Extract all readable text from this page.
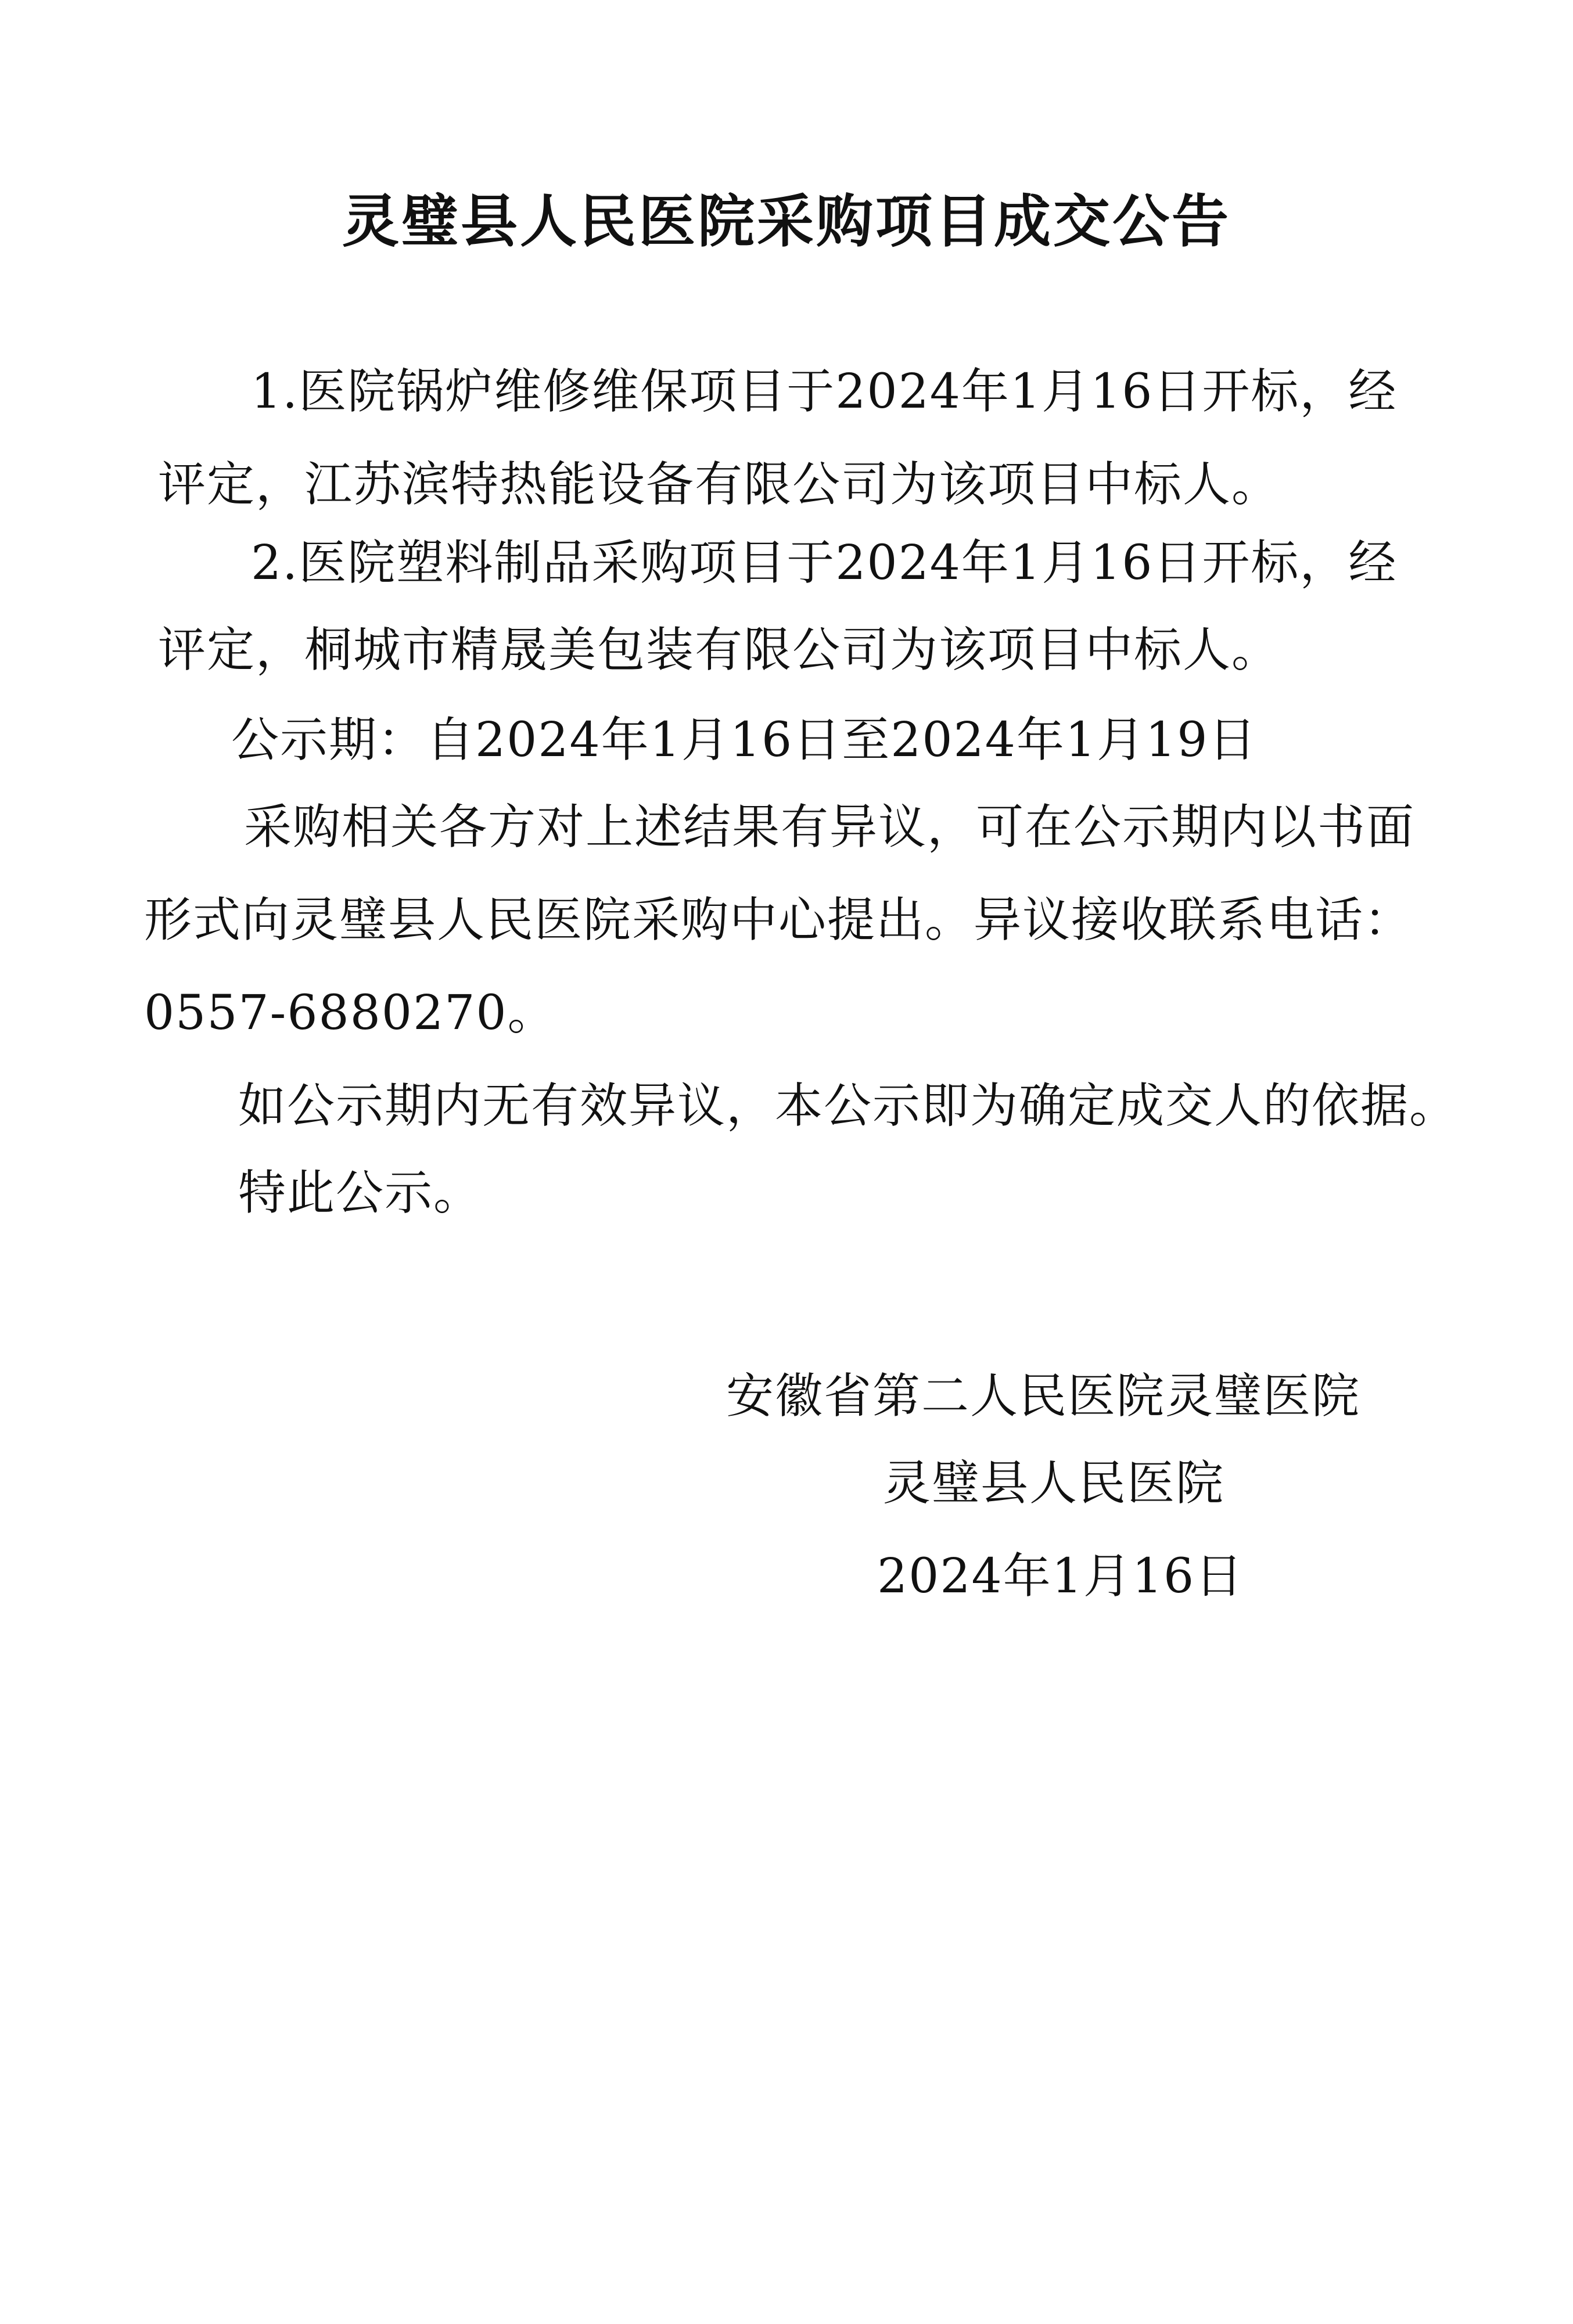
灵璧县人民医院采购项目成交公告
1.医院锅炉维修维保项目于2024年1月16日开标，经
评定，江苏滨特热能设备有限公司为该项目中标人。
2.医院塑料制品采购项目于2024年1月16日开标，经
评定，桐城市精晟美包装有限公司为该项目中标人。
公示期：自2024年1月16日至2024年1月19日
采购相关各方对上述结果有异议，可在公示期内以书面
形式向灵璧县人民医院采购中心提出。异议接收联系电话：
0557-6880270。
如公示期内无有效异议，本公示即为确定成交人的依据。
特此公示。
安徽省第二人民医院灵璧医院
灵璧县人民医院
2024年1月16日
